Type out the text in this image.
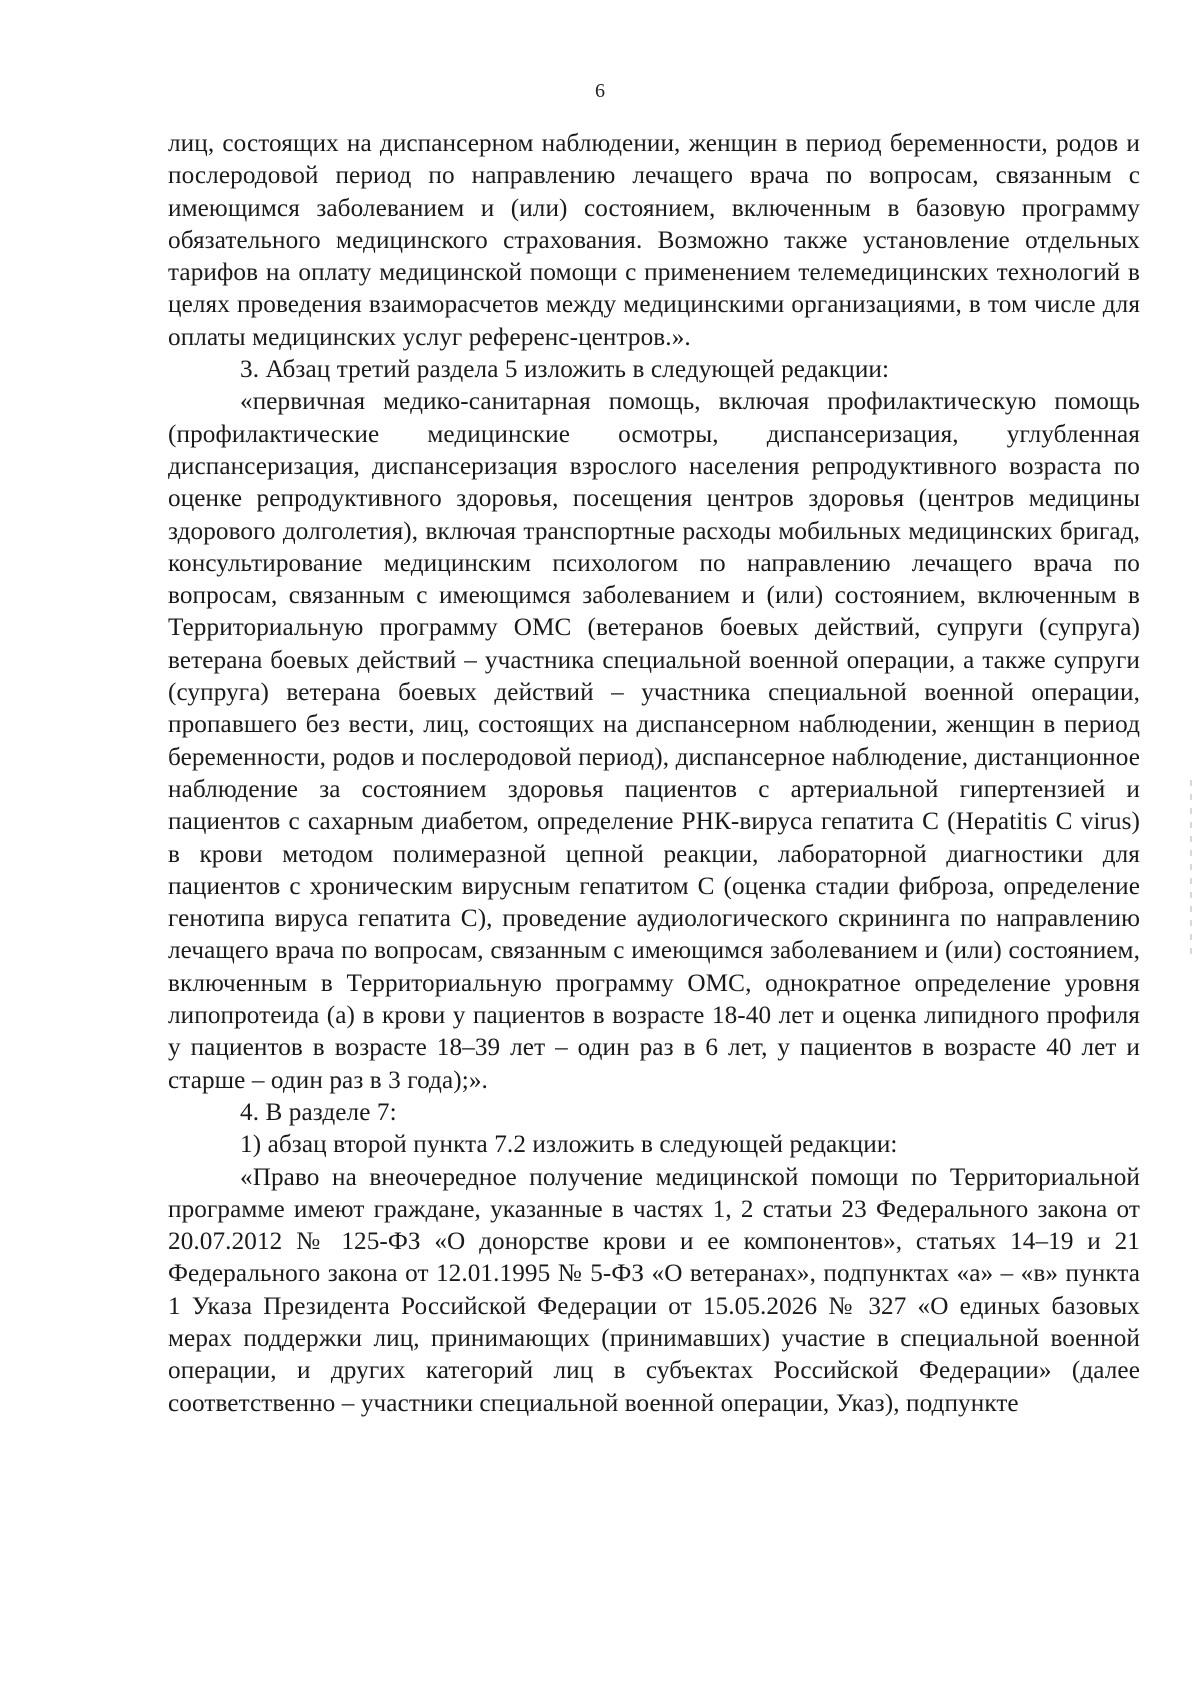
6

лиц, состоящих на диспансерном наблюдении, женщин в период беременности, родов и послеродовой период по направлению лечащего врача по вопросам, связанным с имеющимся заболеванием и (или) состоянием, включенным в базовую программу обязательного медицинского страхования. Возможно также установление отдельных тарифов на оплату медицинской помощи с применением телемедицинских технологий в целях проведения взаиморасчетов между медицинскими организациями, в том числе для оплаты медицинских услуг референс-центров.».

3. Абзац третий раздела 5 изложить в следующей редакции:

«первичная медико-санитарная помощь, включая профилактическую помощь (профилактические медицинские осмотры, диспансеризация, углубленная диспансеризация, диспансеризация взрослого населения репродуктивного возраста по оценке репродуктивного здоровья, посещения центров здоровья (центров медицины здорового долголетия), включая транспортные расходы мобильных медицинских бригад, консультирование медицинским психологом по направлению лечащего врача по вопросам, связанным с имеющимся заболеванием и (или) состоянием, включенным в Территориальную программу ОМС (ветеранов боевых действий, супруги (супруга) ветерана боевых действий – участника специальной военной операции, а также супруги (супруга) ветерана боевых действий – участника специальной военной операции, пропавшего без вести, лиц, состоящих на диспансерном наблюдении, женщин в период беременности, родов и послеродовой период), диспансерное наблюдение, дистанционное наблюдение за состоянием здоровья пациентов с артериальной гипертензией и пациентов с сахарным диабетом, определение РНК-вируса гепатита С (Hepatitis C virus) в крови методом полимеразной цепной реакции, лабораторной диагностики для пациентов с хроническим вирусным гепатитом С (оценка стадии фиброза, определение генотипа вируса гепатита С), проведение аудиологического скрининга по направлению лечащего врача по вопросам, связанным с имеющимся заболеванием и (или) состоянием, включенным в Территориальную программу ОМС, однократное определение уровня липопротеида (а) в крови у пациентов в возрасте 18-40 лет и оценка липидного профиля у пациентов в возрасте 18–39 лет – один раз в 6 лет, у пациентов в возрасте 40 лет и старше – один раз в 3 года);».

4. В разделе 7:

1) абзац второй пункта 7.2 изложить в следующей редакции:

«Право на внеочередное получение медицинской помощи по Территориальной программе имеют граждане, указанные в частях 1, 2 статьи 23 Федерального закона от 20.07.2012 № 125-ФЗ «О донорстве крови и ее компонентов», статьях 14–19 и 21 Федерального закона от 12.01.1995 № 5-ФЗ «О ветеранах», подпунктах «а» – «в» пункта 1 Указа Президента Российской Федерации от 15.05.2026 № 327 «О единых базовых мерах поддержки лиц, принимающих (принимавших) участие в специальной военной операции, и других категорий лиц в субъектах Российской Федерации» (далее соответственно – участники специальной военной операции, Указ), подпункте
